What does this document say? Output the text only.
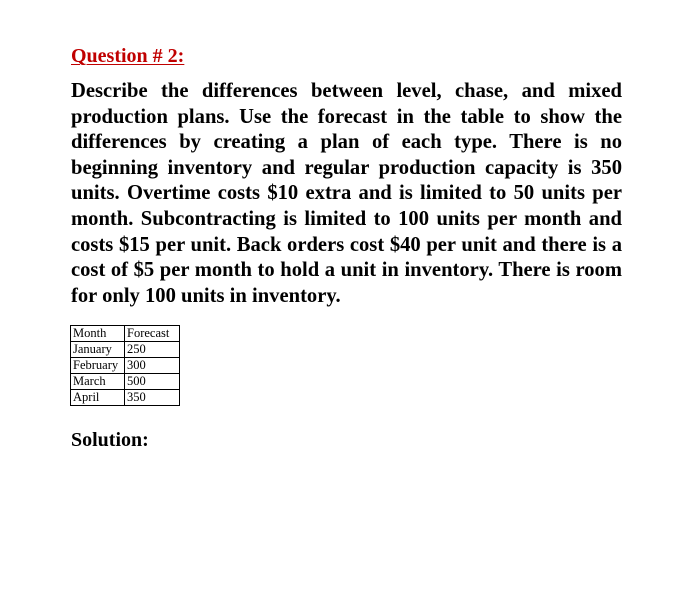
Question # 2:

Describe the differences between level, chase, and mixed production plans. Use the forecast in the table to show the differences by creating a plan of each type. There is no beginning inventory and regular production capacity is 350 units. Overtime costs $10 extra and is limited to 50 units per month. Subcontracting is limited to 100 units per month and costs $15 per unit. Back orders cost $40 per unit and there is a cost of $5 per month to hold a unit in inventory. There is room for only 100 units in inventory.

Month	Forecast
January	250
February	300
March	500
April	350

Solution:
